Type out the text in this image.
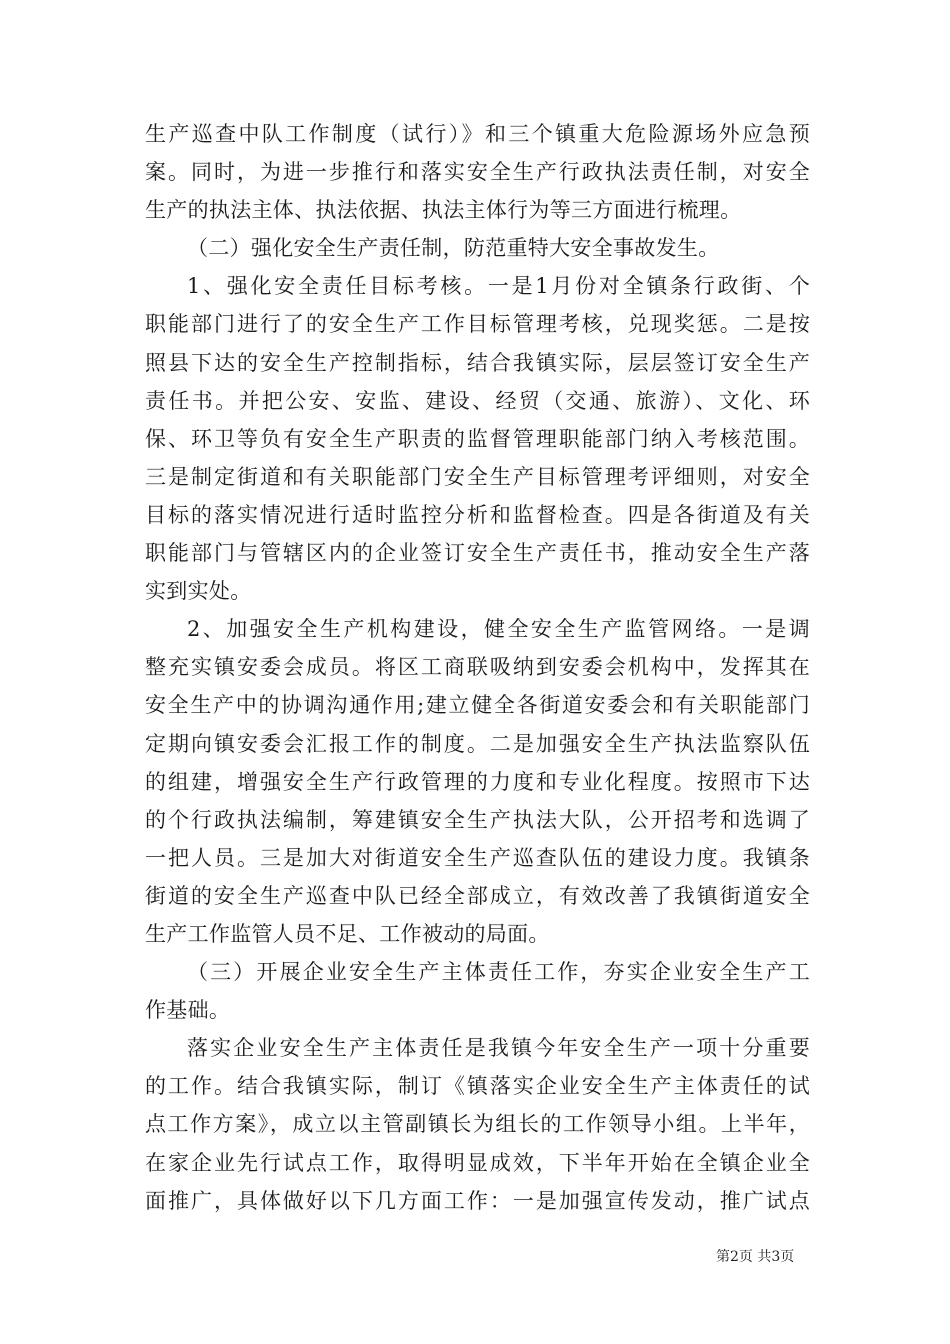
生产巡查中队工作制度（试行）》和三个镇重大危险源场外应急预
案。同时，为进一步推行和落实安全生产行政执法责任制，对安全
生产的执法主体、执法依据、执法主体行为等三方面进行梳理。
（二）强化安全生产责任制，防范重特大安全事故发生。
1、强化安全责任目标考核。一是1月份对全镇条行政街、个
职能部门进行了的安全生产工作目标管理考核，兑现奖惩。二是按
照县下达的安全生产控制指标，结合我镇实际，层层签订安全生产
责任书。并把公安、安监、建设、经贸（交通、旅游）、文化、环
保、环卫等负有安全生产职责的监督管理职能部门纳入考核范围。
三是制定街道和有关职能部门安全生产目标管理考评细则，对安全
目标的落实情况进行适时监控分析和监督检查。四是各街道及有关
职能部门与管辖区内的企业签订安全生产责任书，推动安全生产落
实到实处。
2、加强安全生产机构建设，健全安全生产监管网络。一是调
整充实镇安委会成员。将区工商联吸纳到安委会机构中，发挥其在
安全生产中的协调沟通作用;建立健全各街道安委会和有关职能部门
定期向镇安委会汇报工作的制度。二是加强安全生产执法监察队伍
的组建，增强安全生产行政管理的力度和专业化程度。按照市下达
的个行政执法编制，筹建镇安全生产执法大队，公开招考和选调了
一把人员。三是加大对街道安全生产巡查队伍的建设力度。我镇条
街道的安全生产巡查中队已经全部成立，有效改善了我镇街道安全
生产工作监管人员不足、工作被动的局面。
（三）开展企业安全生产主体责任工作，夯实企业安全生产工
作基础。
落实企业安全生产主体责任是我镇今年安全生产一项十分重要
的工作。结合我镇实际，制订《镇落实企业安全生产主体责任的试
点工作方案》，成立以主管副镇长为组长的工作领导小组。上半年，
在家企业先行试点工作，取得明显成效，下半年开始在全镇企业全
面推广，具体做好以下几方面工作：一是加强宣传发动，推广试点
第2页 共3页
